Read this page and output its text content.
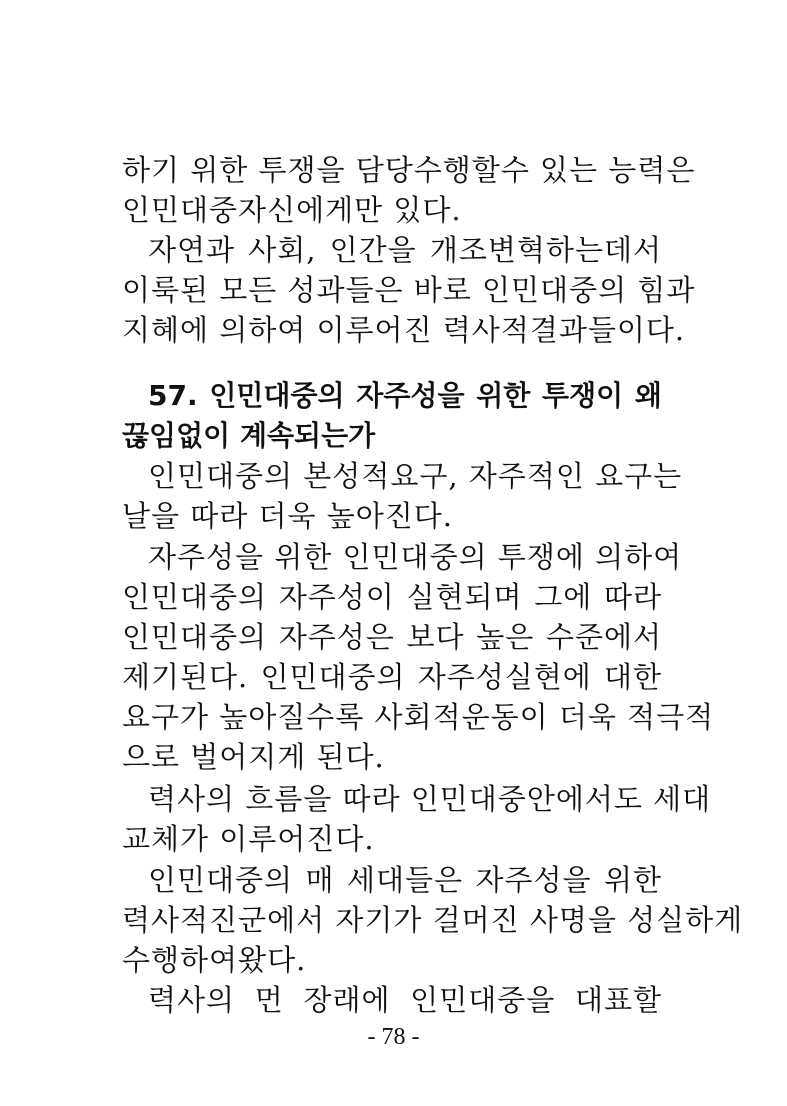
하기 위한 투쟁을 담당수행할수 있는 능력은
인민대중자신에게만 있다.
자연과 사회, 인간을 개조변혁하는데서
이룩된 모든 성과들은 바로 인민대중의 힘과
지혜에 의하여 이루어진 력사적결과들이다.
57. 인민대중의 자주성을 위한 투쟁이 왜
끊임없이 계속되는가
인민대중의 본성적요구, 자주적인 요구는
날을 따라 더욱 높아진다.
자주성을 위한 인민대중의 투쟁에 의하여
인민대중의 자주성이 실현되며 그에 따라
인민대중의 자주성은 보다 높은 수준에서
제기된다. 인민대중의 자주성실현에 대한
요구가 높아질수록 사회적운동이 더욱 적극적
으로 벌어지게 된다.
력사의 흐름을 따라 인민대중안에서도 세대
교체가 이루어진다.
인민대중의 매 세대들은 자주성을 위한
력사적진군에서 자기가 걸머진 사명을 성실하게
수행하여왔다.
력사의 먼 장래에 인민대중을 대표할
- 78 -
